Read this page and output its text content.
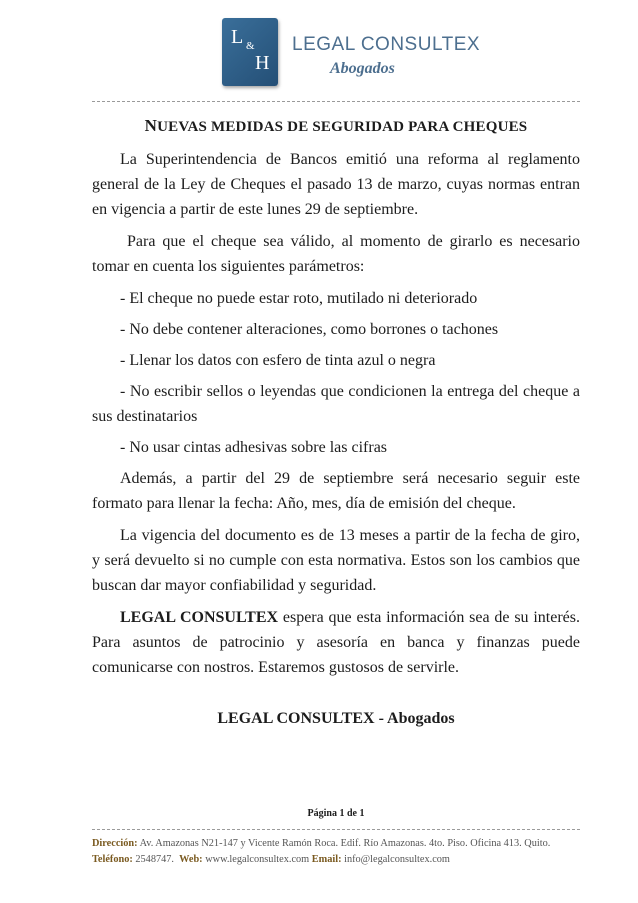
L &
H
LEGAL CONSULTEX
Abogados
NUEVAS MEDIDAS DE SEGURIDAD PARA CHEQUES

La Superintendencia de Bancos emitió una reforma al reglamento general de la Ley de Cheques el pasado 13 de marzo, cuyas normas entran en vigencia a partir de este lunes 29 de septiembre.

Para que el cheque sea válido, al momento de girarlo es necesario tomar en cuenta los siguientes parámetros:

- El cheque no puede estar roto, mutilado ni deteriorado

- No debe contener alteraciones, como borrones o tachones

- Llenar los datos con esfero de tinta azul o negra

- No escribir sellos o leyendas que condicionen la entrega del cheque a sus destinatarios

- No usar cintas adhesivas sobre las cifras

Además, a partir del 29 de septiembre será necesario seguir este formato para llenar la fecha: Año, mes, día de emisión del cheque.

La vigencia del documento es de 13 meses a partir de la fecha de giro, y será devuelto si no cumple con esta normativa. Estos son los cambios que buscan dar mayor confiabilidad y seguridad.

LEGAL CONSULTEX espera que esta información sea de su interés. Para asuntos de patrocinio y asesoría en banca y finanzas puede comunicarse con nostros. Estaremos gustosos de servirle.

LEGAL CONSULTEX - Abogados
Página 1 de 1
Dirección: Av. Amazonas N21-147 y Vicente Ramón Roca. Edif. Río Amazonas. 4to. Piso. Oficina 413. Quito.
Teléfono: 2548747.  Web: www.legalconsultex.com Email: info@legalconsultex.com
